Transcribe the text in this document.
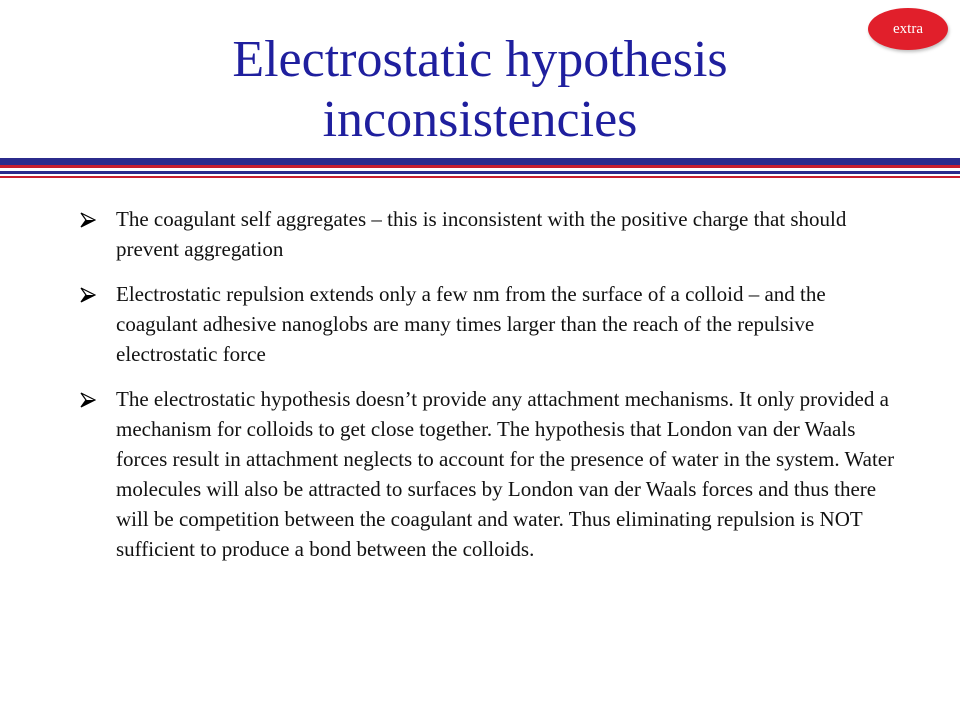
extra
Electrostatic hypothesis
inconsistencies
The coagulant self aggregates – this is inconsistent with the positive charge that should prevent aggregation
Electrostatic repulsion extends only a few nm from the surface of a colloid – and the coagulant adhesive nanoglobs are many times larger than the reach of the repulsive electrostatic force
The electrostatic hypothesis doesn’t provide any attachment mechanisms. It only provided a mechanism for colloids to get close together. The hypothesis that London van der Waals forces result in attachment neglects to account for the presence of water in the system. Water molecules will also be attracted to surfaces by London van der Waals forces and thus there will be competition between the coagulant and water. Thus eliminating repulsion is NOT sufficient to produce a bond between the colloids.
